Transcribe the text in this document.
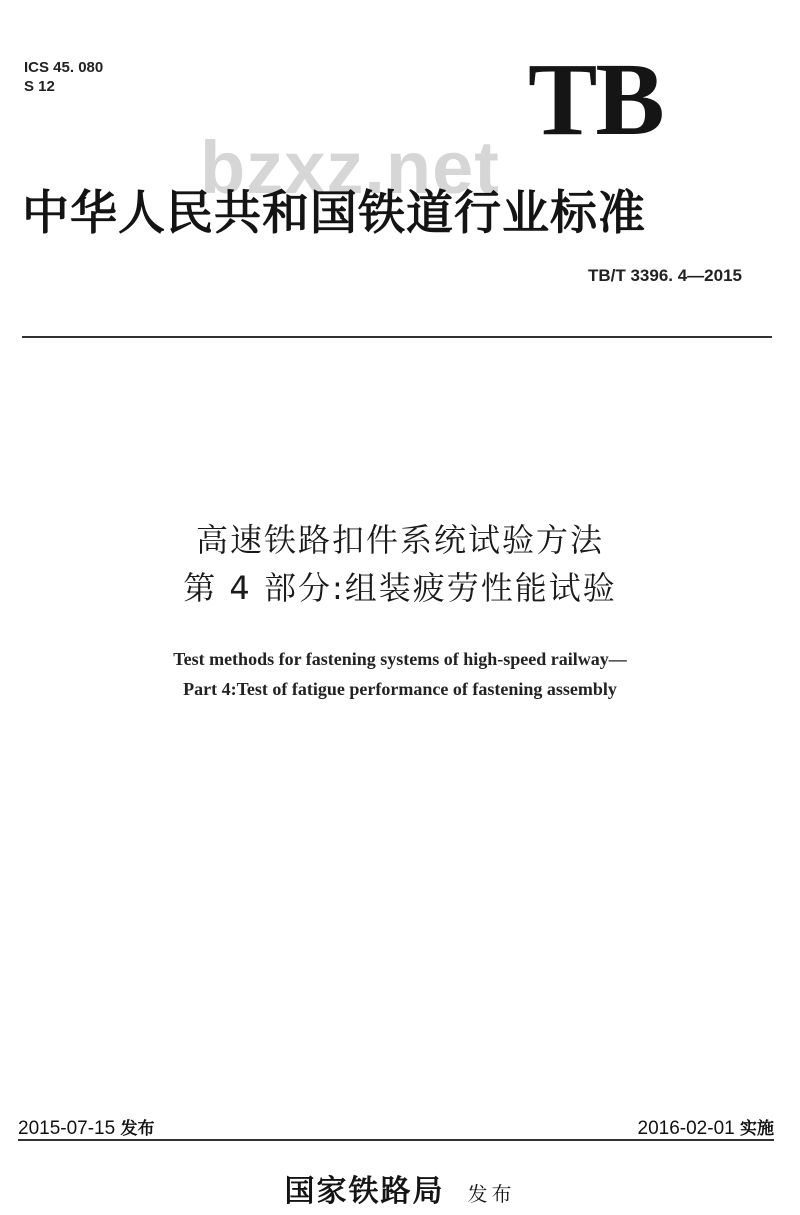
ICS 45. 080
S 12	TB
bzxz.net
中华人民共和国铁道行业标准
TB/T 3396. 4—2015
高速铁路扣件系统试验方法
第 4 部分:组装疲劳性能试验
Test methods for fastening systems of high-speed railway—
Part 4:Test of fatigue performance of fastening assembly
2015-07-15 发布	2016-02-01 实施
国家铁路局 发布
